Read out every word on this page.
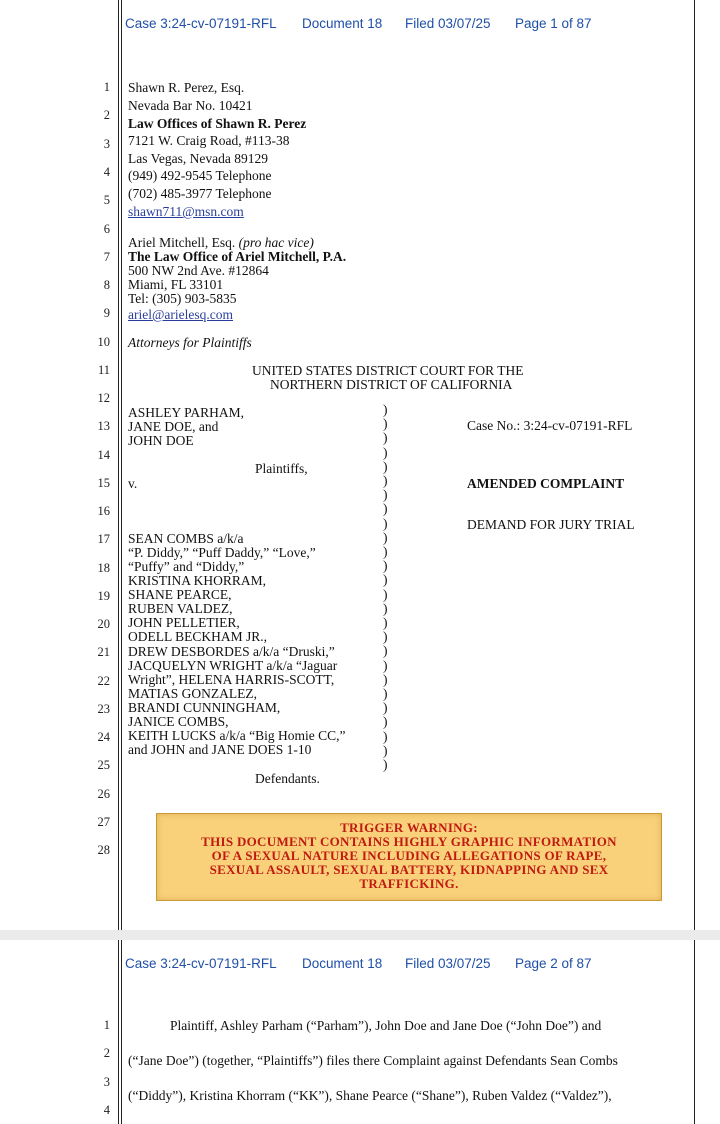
Case 3:24-cv-07191-RFL Document 18 Filed 03/07/25 Page 1 of 87
1
2
3
4
5
6
7
8
9
10
11
12
13
14
15
16
17
18
19
20
21
22
23
24
25
26
27
28
Shawn R. Perez, Esq.
Nevada Bar No. 10421
Law Offices of Shawn R. Perez
7121 W. Craig Road, #113-38
Las Vegas, Nevada 89129
(949) 492-9545 Telephone
(702) 485-3977 Telephone
shawn711@msn.com
Ariel Mitchell, Esq. (pro hac vice)
The Law Office of Ariel Mitchell, P.A.
500 NW 2nd Ave. #12864
Miami, FL 33101
Tel: (305) 903-5835
ariel@arielesq.com
Attorneys for Plaintiffs
UNITED STATES DISTRICT COURT FOR THE
NORTHERN DISTRICT OF CALIFORNIA
ASHLEY PARHAM,
JANE DOE, and
JOHN DOE
Plaintiffs,
v.
SEAN COMBS a/k/a
“P. Diddy,” “Puff Daddy,” “Love,”
“Puffy” and “Diddy,”
KRISTINA KHORRAM,
SHANE PEARCE,
RUBEN VALDEZ,
JOHN PELLETIER,
ODELL BECKHAM JR.,
DREW DESBORDES a/k/a “Druski,”
JACQUELYN WRIGHT a/k/a “Jaguar
Wright”, HELENA HARRIS-SCOTT,
MATIAS GONZALEZ,
BRANDI CUNNINGHAM,
JANICE COMBS,
KEITH LUCKS a/k/a “Big Homie CC,”
and JOHN and JANE DOES 1-10
Defendants.
)
)
)
)
)
)
)
)
)
)
)
)
)
)
)
)
)
)
)
)
)
)
)
)
)
)

Case No.: 3:24-cv-07191-RFL
AMENDED COMPLAINT
DEMAND FOR JURY TRIAL
TRIGGER WARNING:
THIS DOCUMENT CONTAINS HIGHLY GRAPHIC INFORMATION
OF A SEXUAL NATURE INCLUDING ALLEGATIONS OF RAPE,
SEXUAL ASSAULT, SEXUAL BATTERY, KIDNAPPING AND SEX
TRAFFICKING.
Case 3:24-cv-07191-RFL Document 18 Filed 03/07/25 Page 2 of 87
1
2
3
4
Plaintiff, Ashley Parham (“Parham”), John Doe and Jane Doe (“John Doe”) and
(“Jane Doe”) (together, “Plaintiffs”) files there Complaint against Defendants Sean Combs
(“Diddy”), Kristina Khorram (“KK”), Shane Pearce (“Shane”), Ruben Valdez (“Valdez”),
